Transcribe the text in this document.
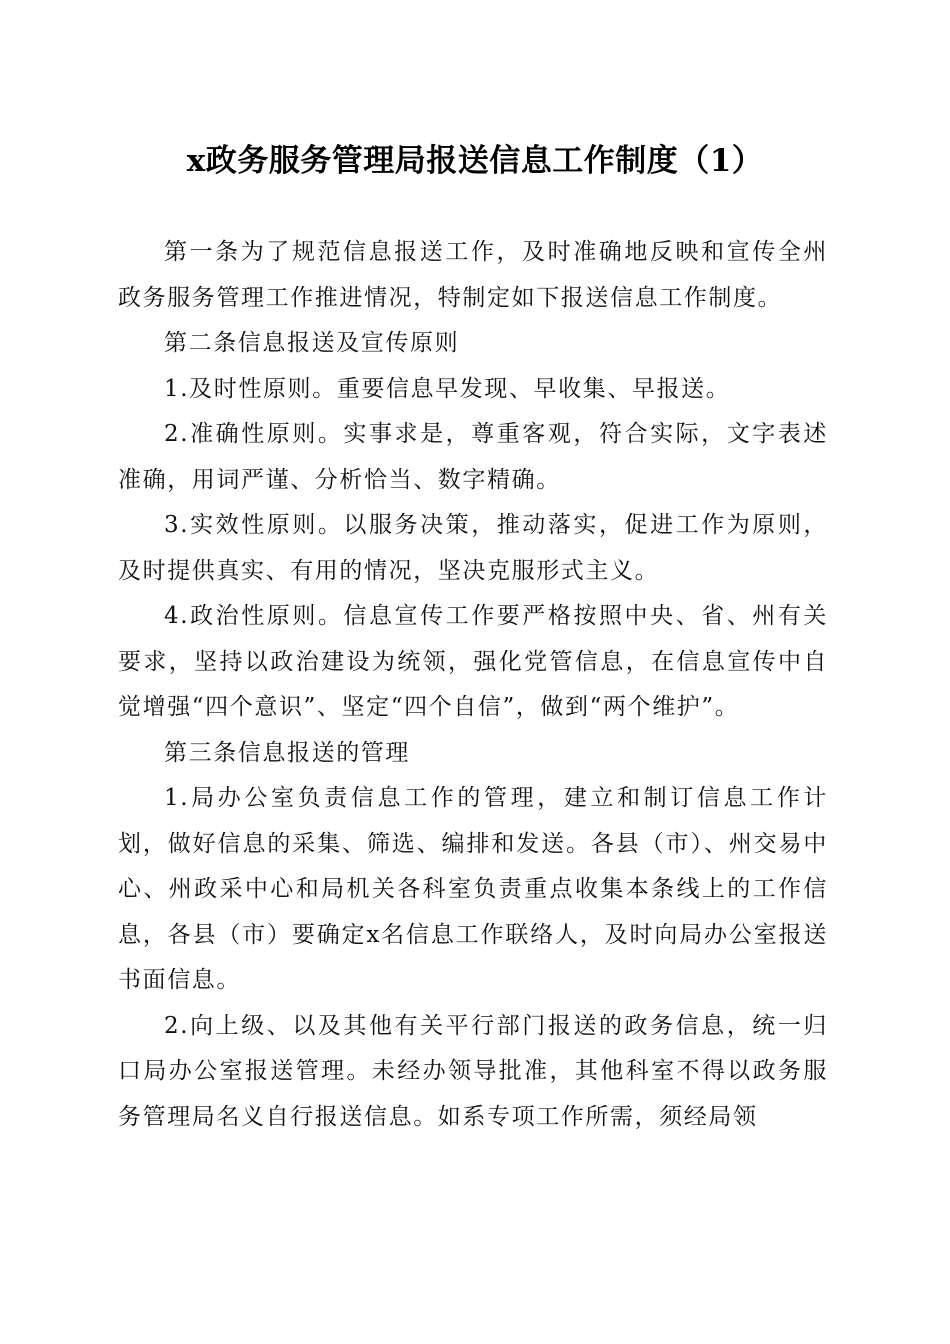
x政务服务管理局报送信息工作制度（1）

第一条为了规范信息报送工作，及时准确地反映和宣传全州政务服务管理工作推进情况，特制定如下报送信息工作制度。

第二条信息报送及宣传原则

1.及时性原则。重要信息早发现、早收集、早报送。

2.准确性原则。实事求是，尊重客观，符合实际，文字表述准确，用词严谨、分析恰当、数字精确。

3.实效性原则。以服务决策，推动落实，促进工作为原则，及时提供真实、有用的情况，坚决克服形式主义。

4.政治性原则。信息宣传工作要严格按照中央、省、州有关要求，坚持以政治建设为统领，强化党管信息，在信息宣传中自觉增强“四个意识”、坚定“四个自信”，做到“两个维护”。

第三条信息报送的管理

1.局办公室负责信息工作的管理，建立和制订信息工作计划，做好信息的采集、筛选、编排和发送。各县（市）、州交易中心、州政采中心和局机关各科室负责重点收集本条线上的工作信息，各县（市）要确定x名信息工作联络人，及时向局办公室报送书面信息。

2.向上级、以及其他有关平行部门报送的政务信息，统一归口局办公室报送管理。未经办领导批准，其他科室不得以政务服务管理局名义自行报送信息。如系专项工作所需，须经局领
